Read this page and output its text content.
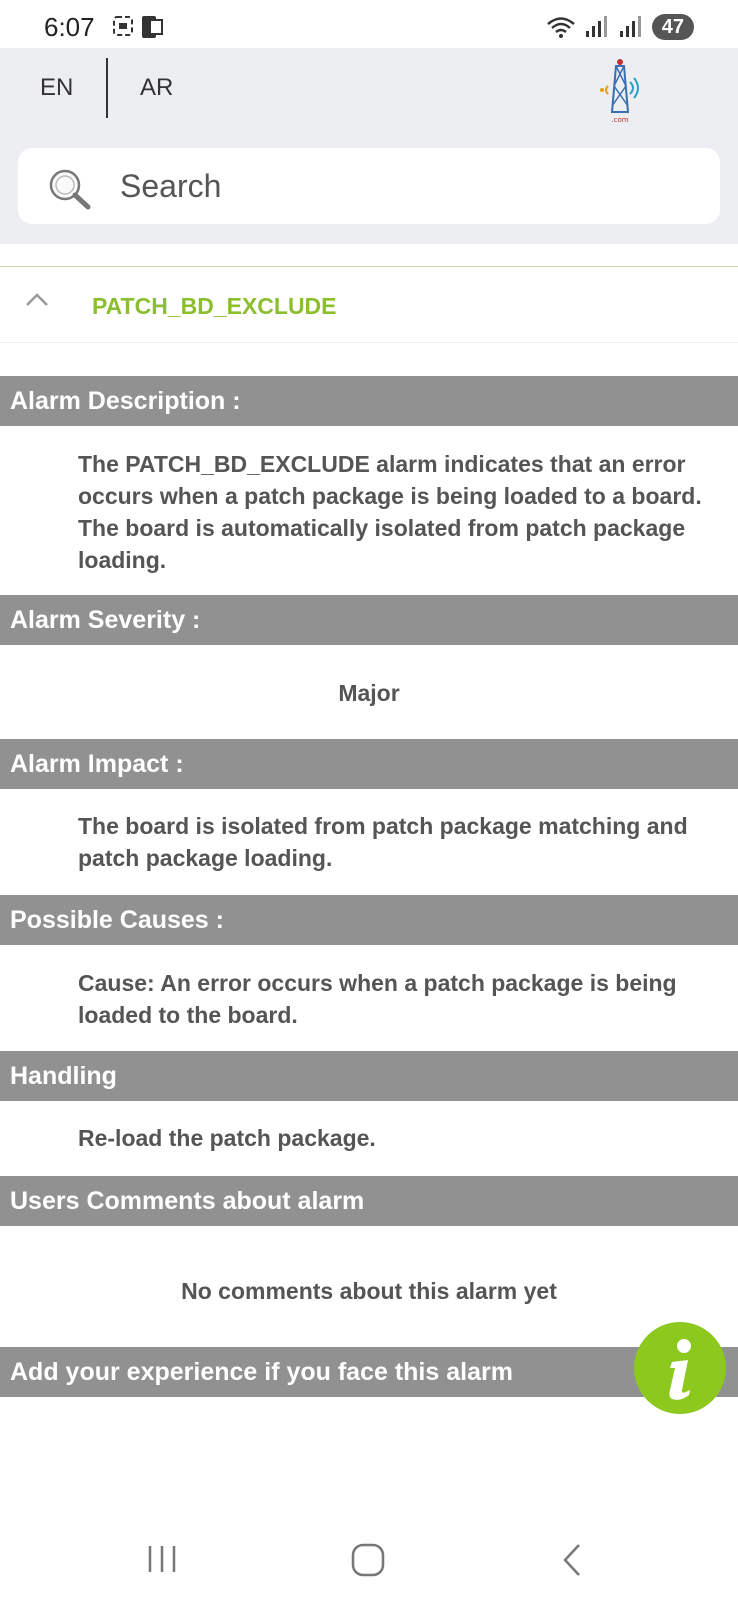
6:07	47
EN	AR
.com
Search
PATCH_BD_EXCLUDE
Alarm Description :
The PATCH_BD_EXCLUDE alarm indicates that an error occurs when a patch package is being loaded to a board. The board is automatically isolated from patch package loading.
Alarm Severity :
Major
Alarm Impact :
The board is isolated from patch package matching and patch package loading.
Possible Causes :
Cause: An error occurs when a patch package is being loaded to the board.
Handling
Re-load the patch package.
Users Comments about alarm
No comments about this alarm yet
Add your experience if you face this alarm
